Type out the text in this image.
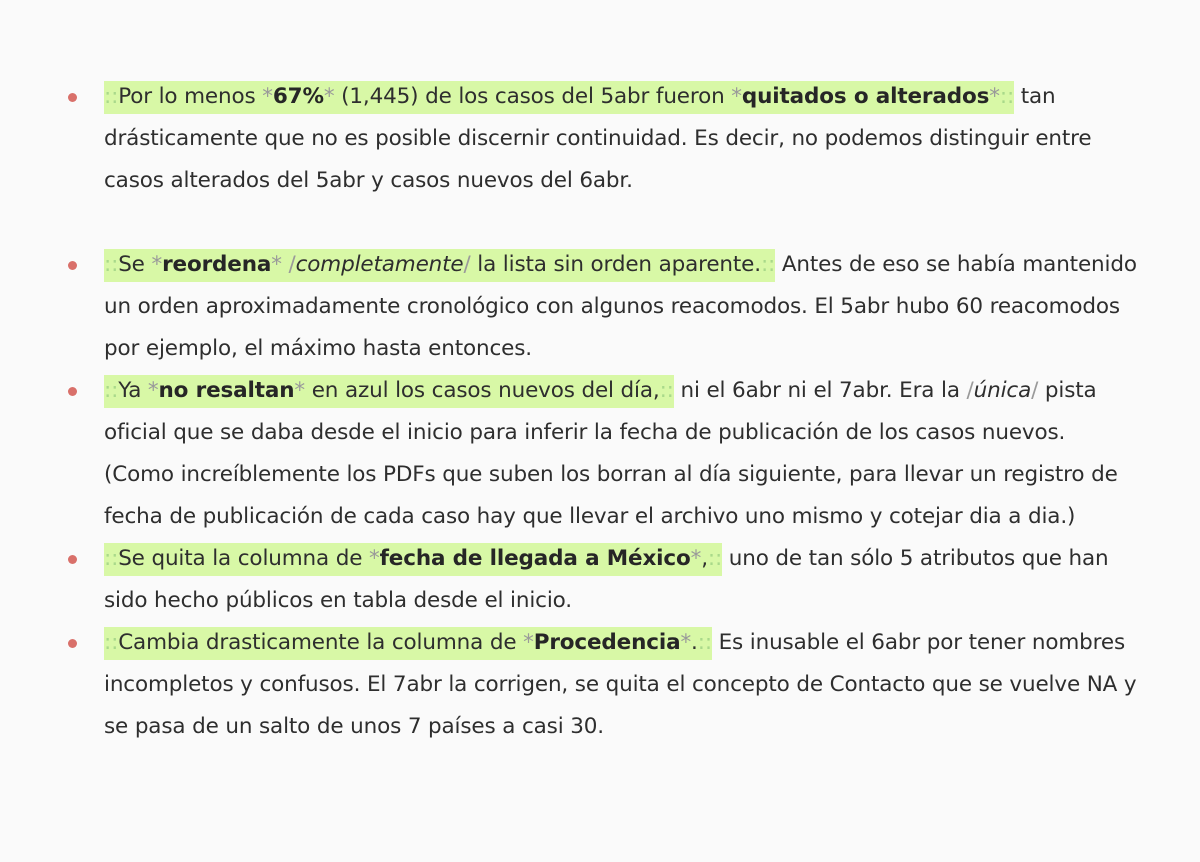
::Por lo menos *67%* (1,445) de los casos del 5abr fueron *quitados o alterados*:: tan drásticamente que no es posible discernir continuidad. Es decir, no podemos distinguir entre casos alterados del 5abr y casos nuevos del 6abr.
::Se *reordena* /completamente/ la lista sin orden aparente.:: Antes de eso se había mantenido un orden aproximadamente cronológico con algunos reacomodos. El 5abr hubo 60 reacomodos por ejemplo, el máximo hasta entonces.
::Ya *no resaltan* en azul los casos nuevos del día,:: ni el 6abr ni el 7abr. Era la /única/ pista oficial que se daba desde el inicio para inferir la fecha de publicación de los casos nuevos. (Como increíblemente los PDFs que suben los borran al día siguiente, para llevar un registro de fecha de publicación de cada caso hay que llevar el archivo uno mismo y cotejar dia a dia.)
::Se quita la columna de *fecha de llegada a México*,:: uno de tan sólo 5 atributos que han sido hecho públicos en tabla desde el inicio.
::Cambia drasticamente la columna de *Procedencia*.:: Es inusable el 6abr por tener nombres incompletos y confusos. El 7abr la corrigen, se quita el concepto de Contacto que se vuelve NA y se pasa de un salto de unos 7 países a casi 30.
